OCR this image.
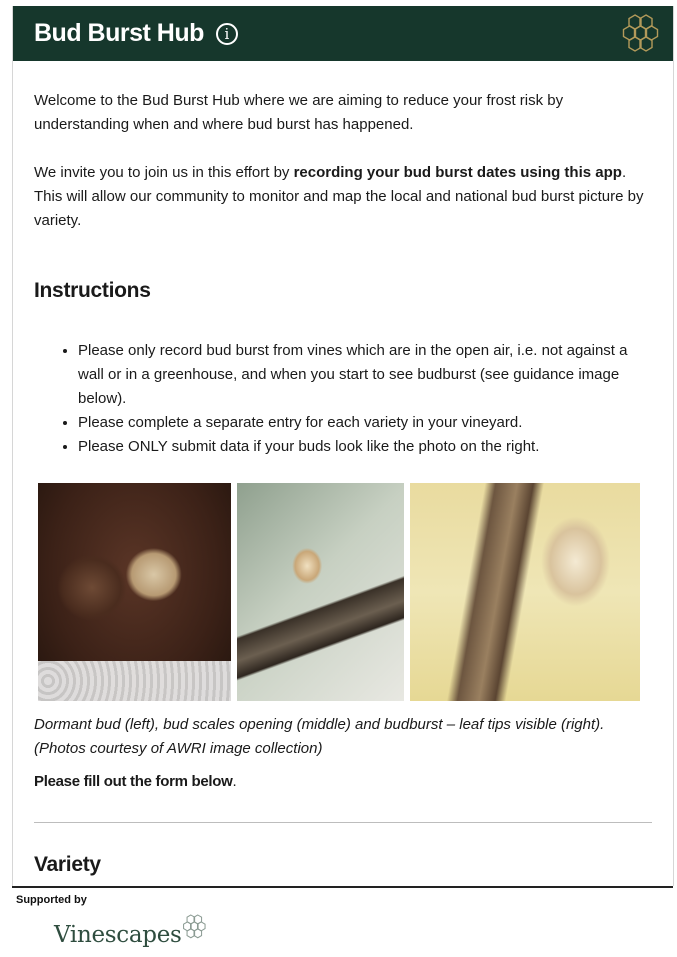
Bud Burst Hub	i

Welcome to the Bud Burst Hub where we are aiming to reduce your frost risk by understanding when and where bud burst has happened.

We invite you to join us in this effort by recording your bud burst dates using this app. This will allow our community to monitor and map the local and national bud burst picture by variety.

Instructions
• Please only record bud burst from vines which are in the open air, i.e. not against a wall or in a greenhouse, and when you start to see budburst (see guidance image below).
• Please complete a separate entry for each variety in your vineyard.
• Please ONLY submit data if your buds look like the photo on the right.
Dormant bud (left), bud scales opening (middle) and budburst – leaf tips visible (right).
(Photos courtesy of AWRI image collection)
Please fill out the form below.
Variety
Supported by
Vinescapes
